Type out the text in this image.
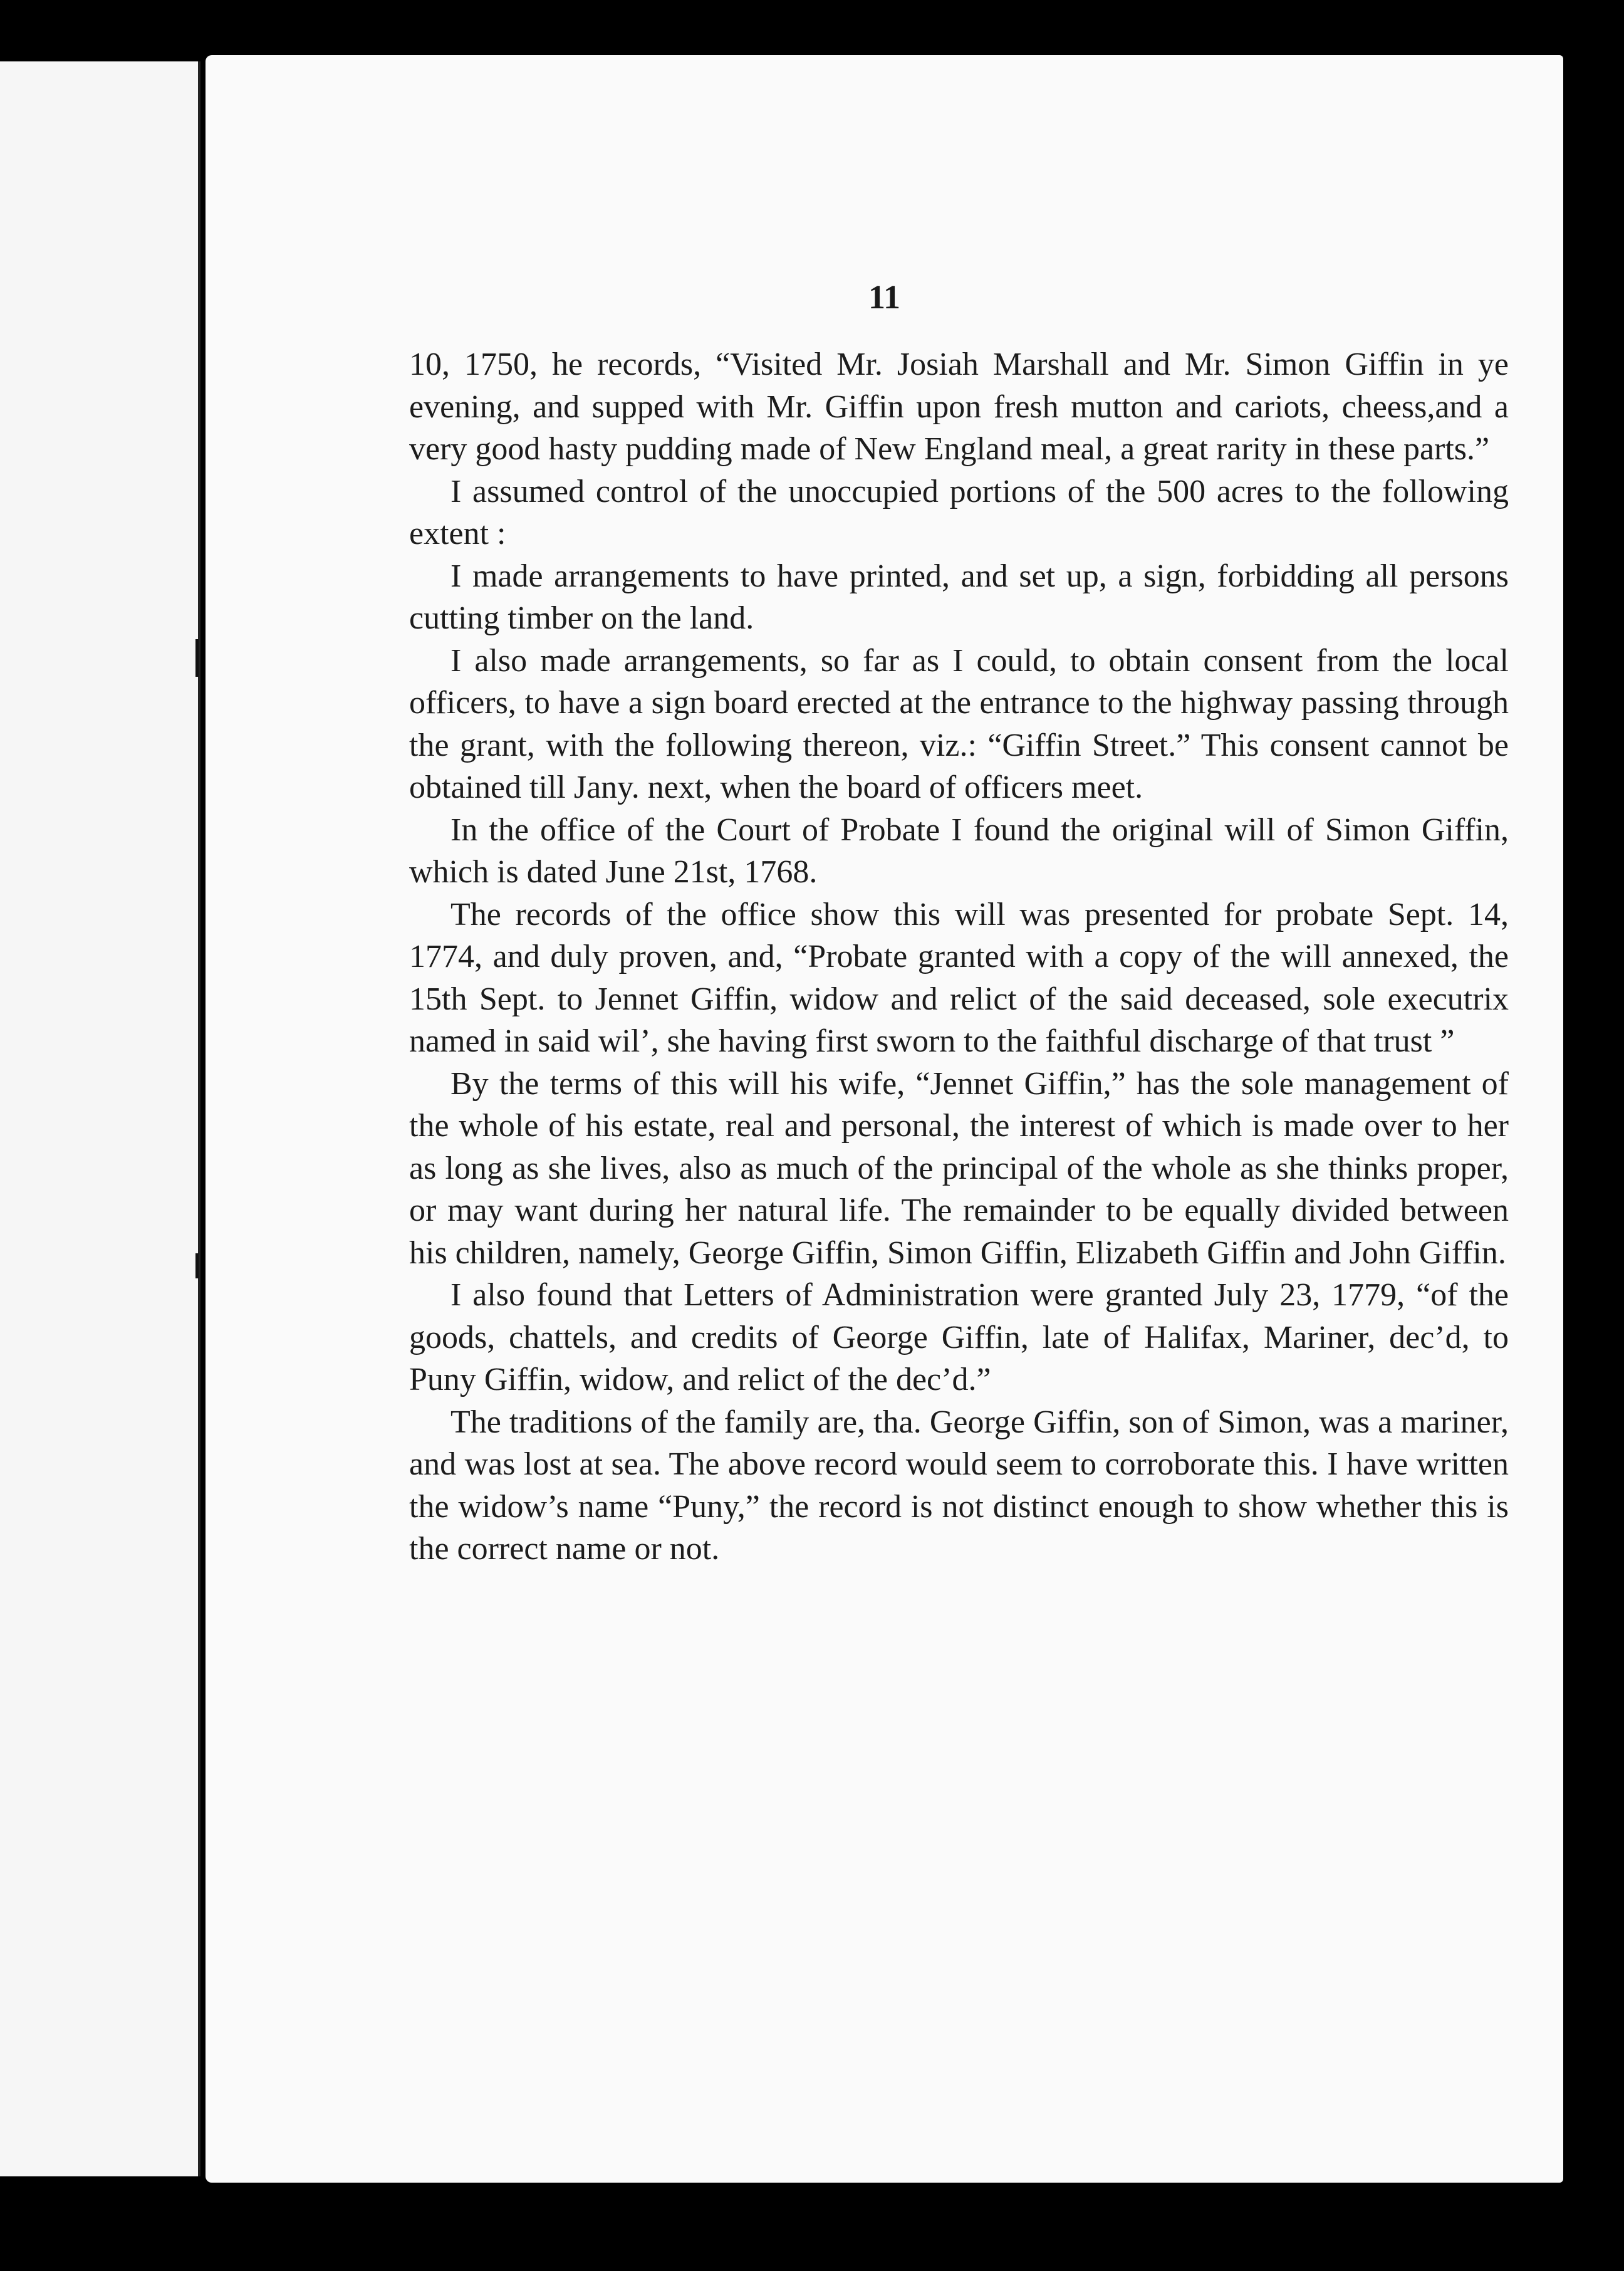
11

10, 1750, he records, “Visited Mr. Josiah Marshall and Mr. Simon Giffin in ye evening, and supped with Mr. Giffin upon fresh mutton and cariots, cheess,and a very good hasty pudding made of New England meal, a great rarity in these parts.”

I assumed control of the unoccupied portions of the 500 acres to the following extent :

I made arrangements to have printed, and set up, a sign, forbidding all persons cutting timber on the land.

I also made arrangements, so far as I could, to obtain consent from the local officers, to have a sign board erected at the entrance to the highway passing through the grant, with the following thereon, viz.: “Giffin Street.” This consent cannot be obtained till Jany. next, when the board of officers meet.

In the office of the Court of Probate I found the original will of Simon Giffin, which is dated June 21st, 1768.

The records of the office show this will was presented for probate Sept. 14, 1774, and duly proven, and, “Probate granted with a copy of the will annexed, the 15th Sept. to Jennet Giffin, widow and relict of the said deceased, sole executrix named in said wil’, she having first sworn to the faithful discharge of that trust ”

By the terms of this will his wife, “Jennet Giffin,” has the sole management of the whole of his estate, real and personal, the interest of which is made over to her as long as she lives, also as much of the principal of the whole as she thinks proper, or may want during her natural life. The remainder to be equally divided between his children, namely, George Giffin, Simon Giffin, Elizabeth Giffin and John Giffin.

I also found that Letters of Administration were granted July 23, 1779, “of the goods, chattels, and credits of George Giffin, late of Halifax, Mariner, dec’d, to Puny Giffin, widow, and relict of the dec’d.”

The traditions of the family are, tha. George Giffin, son of Simon, was a mariner, and was lost at sea. The above record would seem to corroborate this. I have written the widow’s name “Puny,” the record is not distinct enough to show whether this is the correct name or not.
